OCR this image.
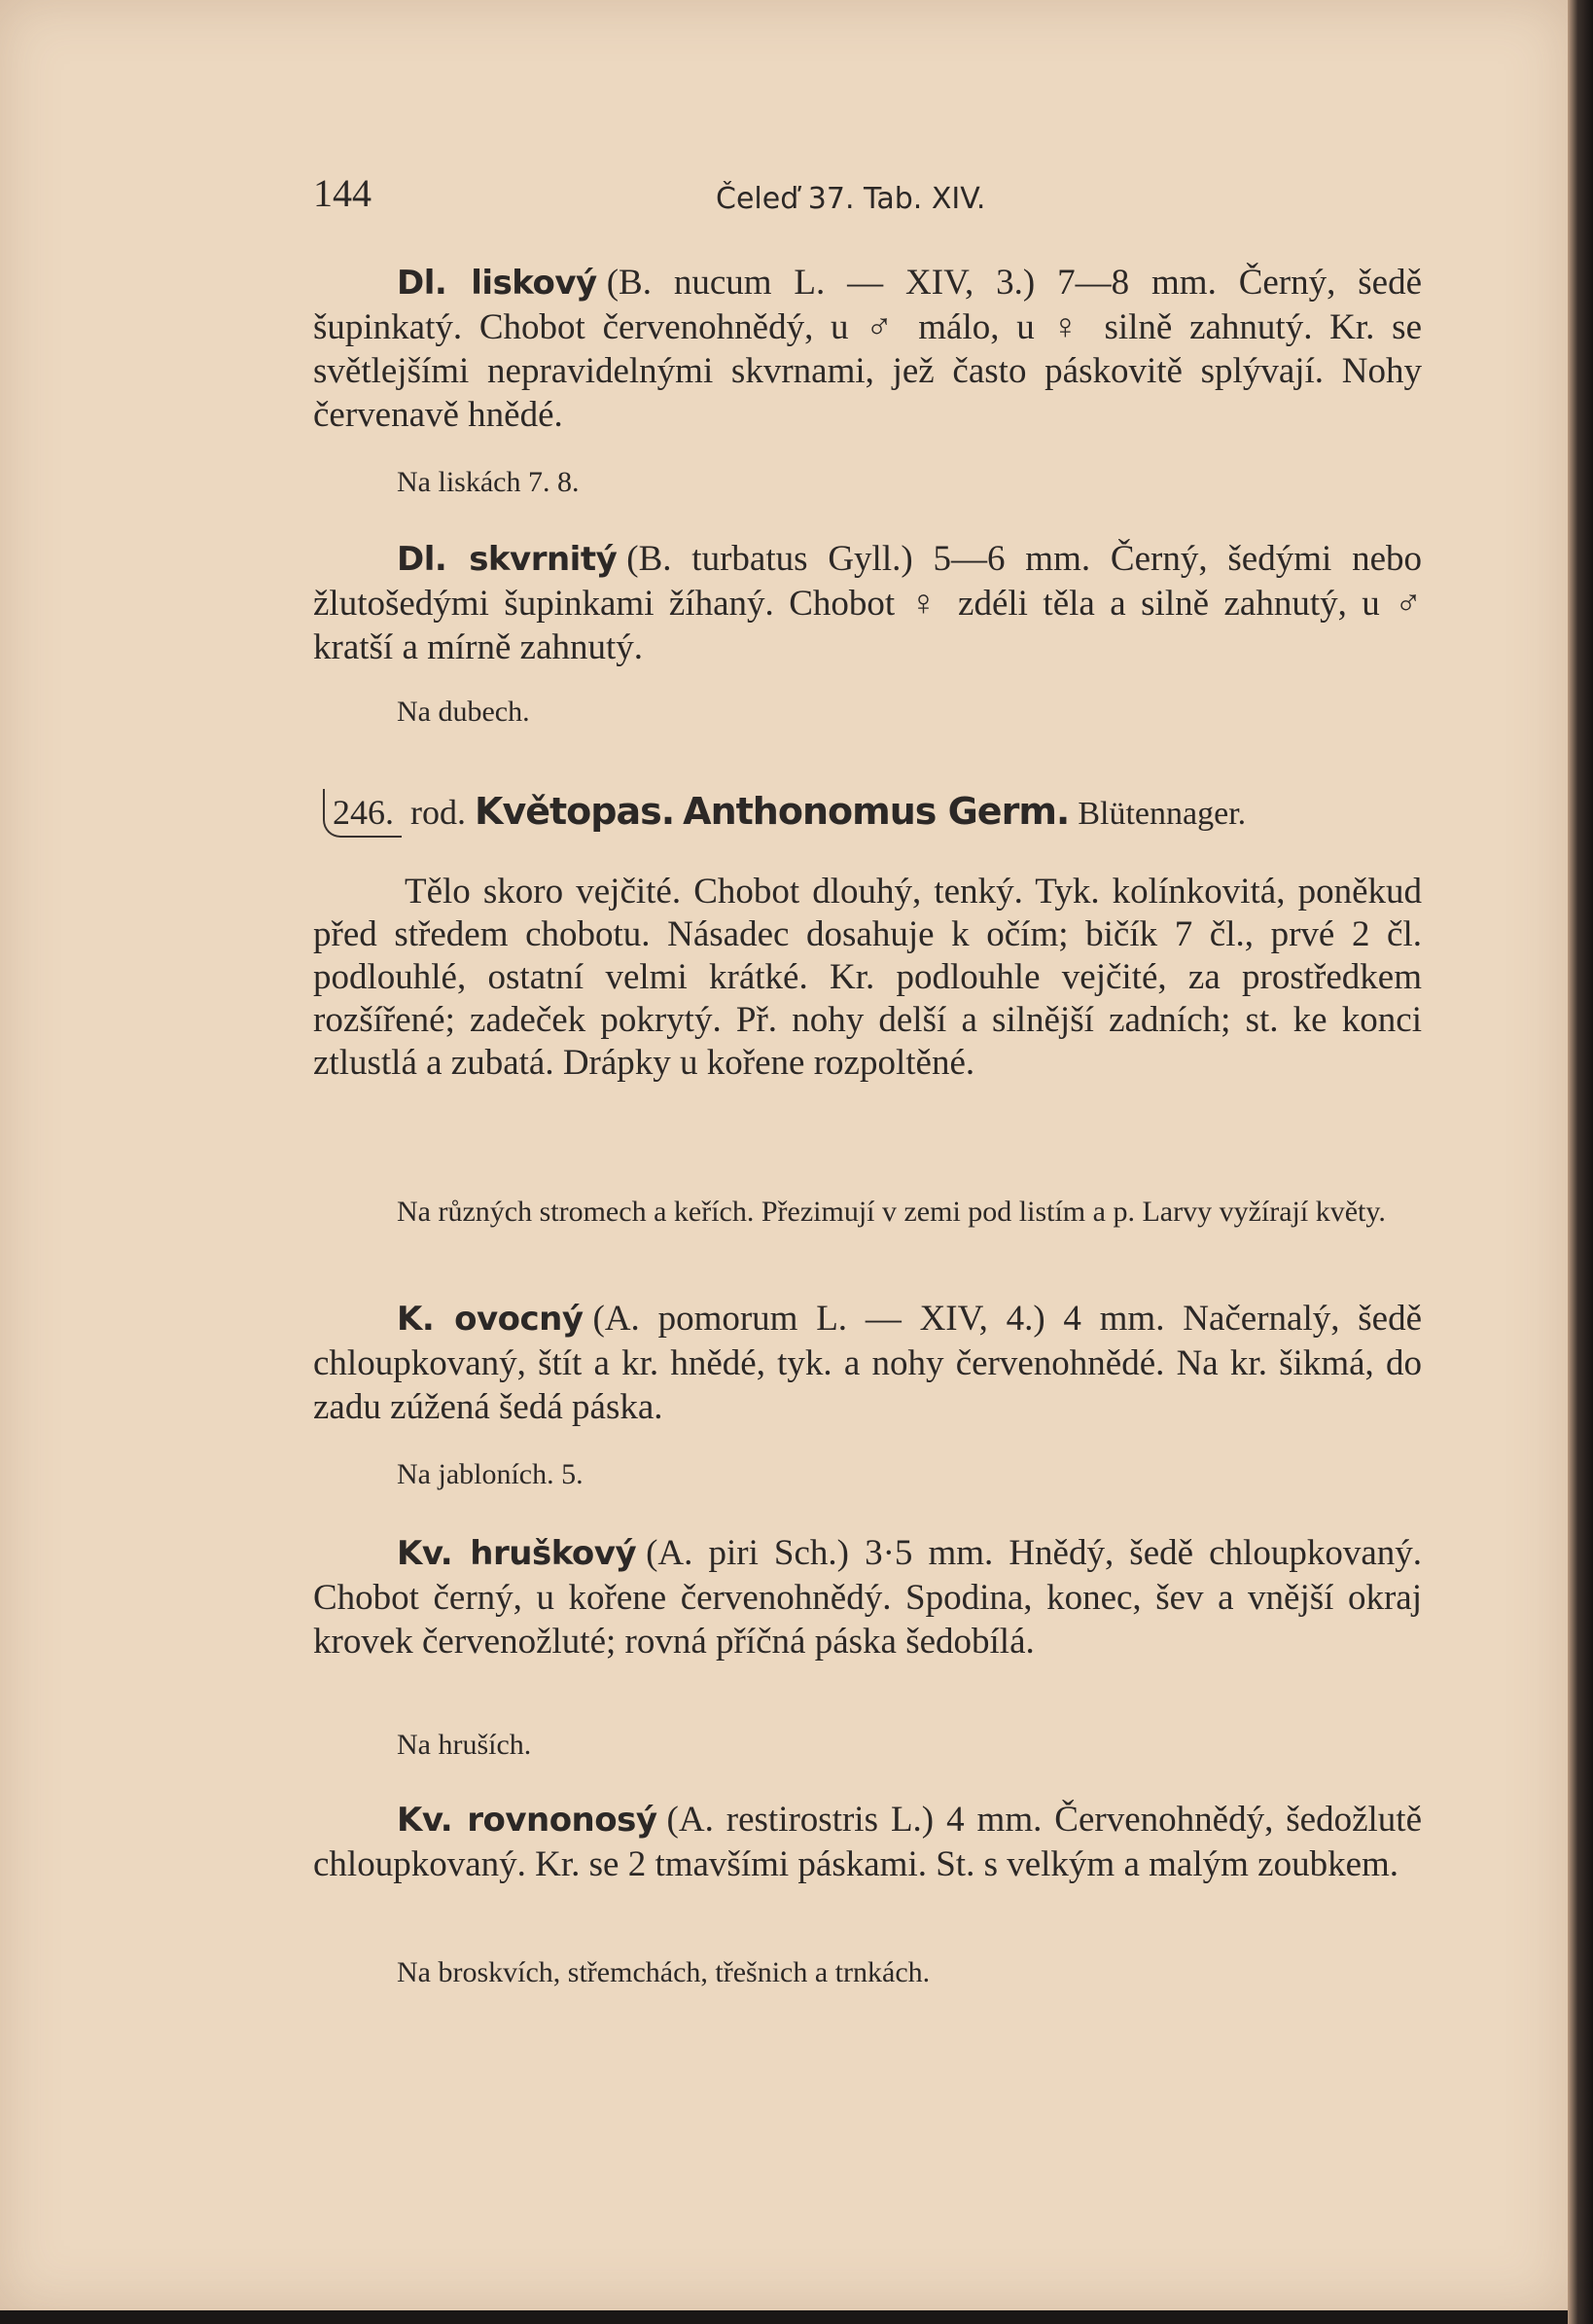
144	Čeleď 37. Tab. XIV.
Dl. liskový (B. nucum L. — XIV, 3.) 7—8 mm. Černý, šedě šupinkatý. Chobot červenohnědý, u ♂ málo, u ♀ silně zahnutý. Kr. se světlejšími nepravidelnými skvrnami, jež často páskovitě splývají. Nohy červenavě hnědé.
Na liskách 7. 8.
Dl. skvrnitý (B. turbatus Gyll.) 5—6 mm. Černý, šedými nebo žlutošedými šupinkami žíhaný. Chobot ♀ zdéli těla a silně zahnutý, u ♂ kratší a mírně zahnutý.
Na dubech.
246. rod. Květopas. Anthonomus Germ. Blütennager.
Tělo skoro vejčité. Chobot dlouhý, tenký. Tyk. kolínkovitá, poněkud před středem chobotu. Násadec dosahuje k očím; bičík 7 čl., prvé 2 čl. podlouhlé, ostatní velmi krátké. Kr. podlouhle vejčité, za prostředkem rozšířené; zadeček pokrytý. Př. nohy delší a silnější zadních; st. ke konci ztlustlá a zubatá. Drápky u kořene rozpoltěné.
Na různých stromech a keřích. Přezimují v zemi pod listím a p. Larvy vyžírají květy.
K. ovocný (A. pomorum L. — XIV, 4.) 4 mm. Načernalý, šedě chloupkovaný, štít a kr. hnědé, tyk. a nohy červenohnědé. Na kr. šikmá, do zadu zúžená šedá páska.
Na jabloních. 5.
Kv. hruškový (A. piri Sch.) 3·5 mm. Hnědý, šedě chloupkovaný. Chobot černý, u kořene červenohnědý. Spodina, konec, šev a vnější okraj krovek červenožluté; rovná příčná páska šedobílá.
Na hruších.
Kv. rovnonosý (A. restirostris L.) 4 mm. Červenohnědý, šedožlutě chloupkovaný. Kr. se 2 tmavšími páskami. St. s velkým a malým zoubkem.
Na broskvích, střemchách, třešnich a trnkách.
